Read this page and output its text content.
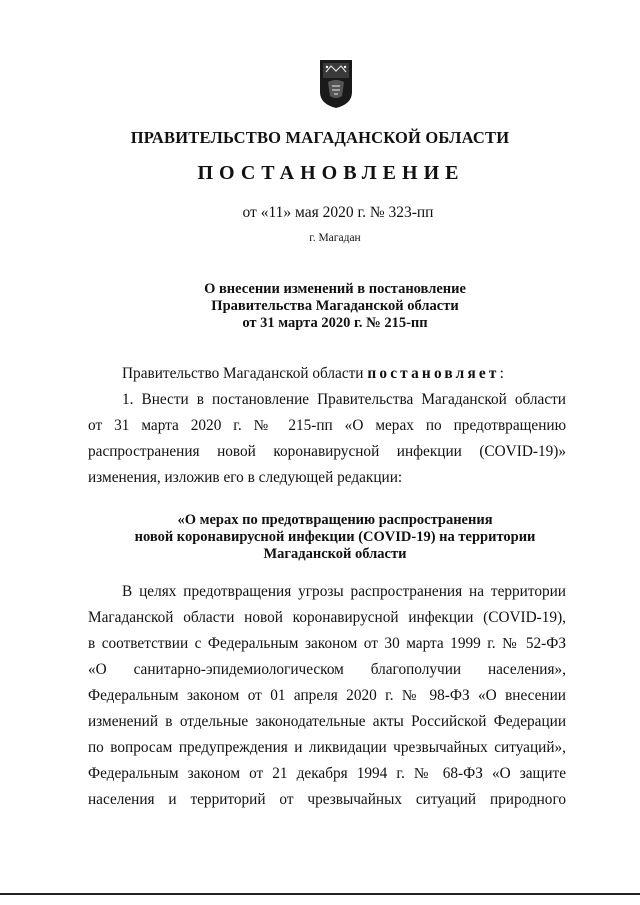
ПРАВИТЕЛЬСТВО МАГАДАНСКОЙ ОБЛАСТИ
ПОСТАНОВЛЕНИЕ
от «11» мая 2020 г. № 323-пп
г. Магадан
О внесении изменений в постановление
Правительства Магаданской области
от 31 марта 2020 г. № 215-пп
Правительство Магаданской области постановляет:
1. Внести в постановление Правительства Магаданской области
от 31 марта 2020 г. № 215-пп «О мерах по предотвращению
распространения новой коронавирусной инфекции (COVID-19)»
изменения, изложив его в следующей редакции:
«О мерах по предотвращению распространения
новой коронавирусной инфекции (COVID-19) на территории
Магаданской области
В целях предотвращения угрозы распространения на территории
Магаданской области новой коронавирусной инфекции (COVID-19),
в соответствии с Федеральным законом от 30 марта 1999 г. № 52-ФЗ
«О санитарно-эпидемиологическом благополучии населения»,
Федеральным законом от 01 апреля 2020 г. № 98-ФЗ «О внесении
изменений в отдельные законодательные акты Российской Федерации
по вопросам предупреждения и ликвидации чрезвычайных ситуаций»,
Федеральным законом от 21 декабря 1994 г. № 68-ФЗ «О защите
населения и территорий от чрезвычайных ситуаций природного
